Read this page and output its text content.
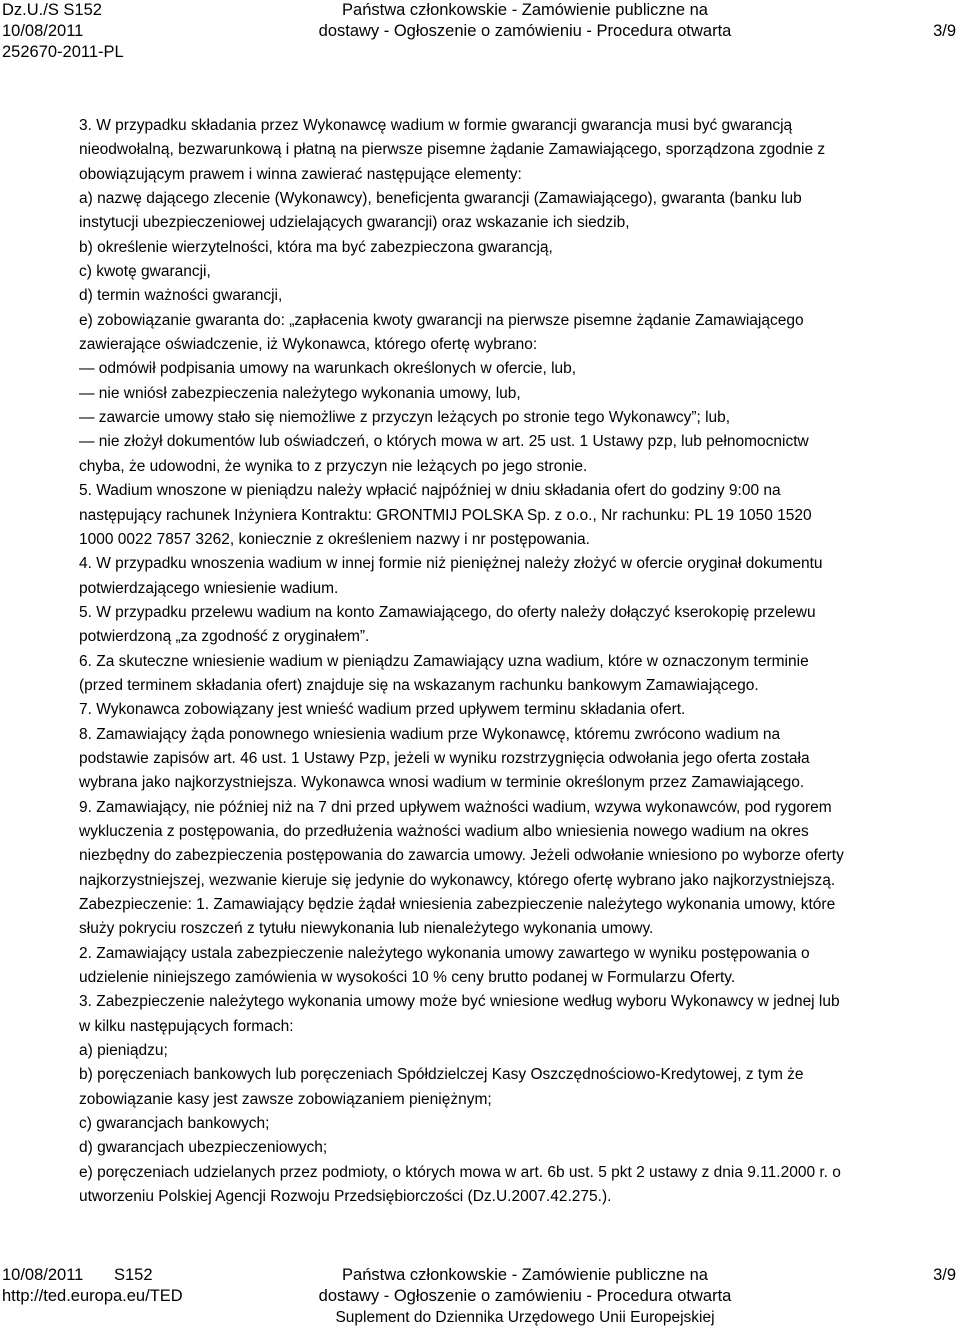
Dz.U./S S152
10/08/2011
252670-2011-PL
Państwa członkowskie - Zamówienie publiczne na
dostawy - Ogłoszenie o zamówieniu - Procedura otwarta	3/9
3. W przypadku składania przez Wykonawcę wadium w formie gwarancji gwarancja musi być gwarancją
nieodwołalną, bezwarunkową i płatną na pierwsze pisemne żądanie Zamawiającego, sporządzona zgodnie z
obowiązującym prawem i winna zawierać następujące elementy:
a) nazwę dającego zlecenie (Wykonawcy), beneficjenta gwarancji (Zamawiającego), gwaranta (banku lub
instytucji ubezpieczeniowej udzielających gwarancji) oraz wskazanie ich siedzib,
b) określenie wierzytelności, która ma być zabezpieczona gwarancją,
c) kwotę gwarancji,
d) termin ważności gwarancji,
e) zobowiązanie gwaranta do: „zapłacenia kwoty gwarancji na pierwsze pisemne żądanie Zamawiającego
zawierające oświadczenie, iż Wykonawca, którego ofertę wybrano:
— odmówił podpisania umowy na warunkach określonych w ofercie, lub,
— nie wniósł zabezpieczenia należytego wykonania umowy, lub,
— zawarcie umowy stało się niemożliwe z przyczyn leżących po stronie tego Wykonawcy”; lub,
— nie złożył dokumentów lub oświadczeń, o których mowa w art. 25 ust. 1 Ustawy pzp, lub pełnomocnictw
chyba, że udowodni, że wynika to z przyczyn nie leżących po jego stronie.
5. Wadium wnoszone w pieniądzu należy wpłacić najpóźniej w dniu składania ofert do godziny 9:00 na
następujący rachunek Inżyniera Kontraktu: GRONTMIJ POLSKA Sp. z o.o., Nr rachunku: PL 19 1050 1520
1000 0022 7857 3262, koniecznie z określeniem nazwy i nr postępowania.
4. W przypadku wnoszenia wadium w innej formie niż pieniężnej należy złożyć w ofercie oryginał dokumentu
potwierdzającego wniesienie wadium.
5. W przypadku przelewu wadium na konto Zamawiającego, do oferty należy dołączyć kserokopię przelewu
potwierdzoną „za zgodność z oryginałem”.
6. Za skuteczne wniesienie wadium w pieniądzu Zamawiający uzna wadium, które w oznaczonym terminie
(przed terminem składania ofert) znajduje się na wskazanym rachunku bankowym Zamawiającego.
7. Wykonawca zobowiązany jest wnieść wadium przed upływem terminu składania ofert.
8. Zamawiający żąda ponownego wniesienia wadium prze Wykonawcę, któremu zwrócono wadium na
podstawie zapisów art. 46 ust. 1 Ustawy Pzp, jeżeli w wyniku rozstrzygnięcia odwołania jego oferta została
wybrana jako najkorzystniejsza. Wykonawca wnosi wadium w terminie określonym przez Zamawiającego.
9. Zamawiający, nie później niż na 7 dni przed upływem ważności wadium, wzywa wykonawców, pod rygorem
wykluczenia z postępowania, do przedłużenia ważności wadium albo wniesienia nowego wadium na okres
niezbędny do zabezpieczenia postępowania do zawarcia umowy. Jeżeli odwołanie wniesiono po wyborze oferty
najkorzystniejszej, wezwanie kieruje się jedynie do wykonawcy, którego ofertę wybrano jako najkorzystniejszą.
Zabezpieczenie: 1. Zamawiający będzie żądał wniesienia zabezpieczenie należytego wykonania umowy, które
służy pokryciu roszczeń z tytułu niewykonania lub nienależytego wykonania umowy.
2. Zamawiający ustala zabezpieczenie należytego wykonania umowy zawartego w wyniku postępowania o
udzielenie niniejszego zamówienia w wysokości 10 % ceny brutto podanej w Formularzu Oferty.
3. Zabezpieczenie należytego wykonania umowy może być wniesione według wyboru Wykonawcy w jednej lub
w kilku następujących formach:
a) pieniądzu;
b) poręczeniach bankowych lub poręczeniach Spółdzielczej Kasy Oszczędnościowo-Kredytowej, z tym że
zobowiązanie kasy jest zawsze zobowiązaniem pieniężnym;
c) gwarancjach bankowych;
d) gwarancjach ubezpieczeniowych;
e) poręczeniach udzielanych przez podmioty, o których mowa w art. 6b ust. 5 pkt 2 ustawy z dnia 9.11.2000 r. o
utworzeniu Polskiej Agencji Rozwoju Przedsiębiorczości (Dz.U.2007.42.275.).
10/08/2011 S152
http://ted.europa.eu/TED
Państwa członkowskie - Zamówienie publiczne na
dostawy - Ogłoszenie o zamówieniu - Procedura otwarta
Suplement do Dziennika Urzędowego Unii Europejskiej
3/9
